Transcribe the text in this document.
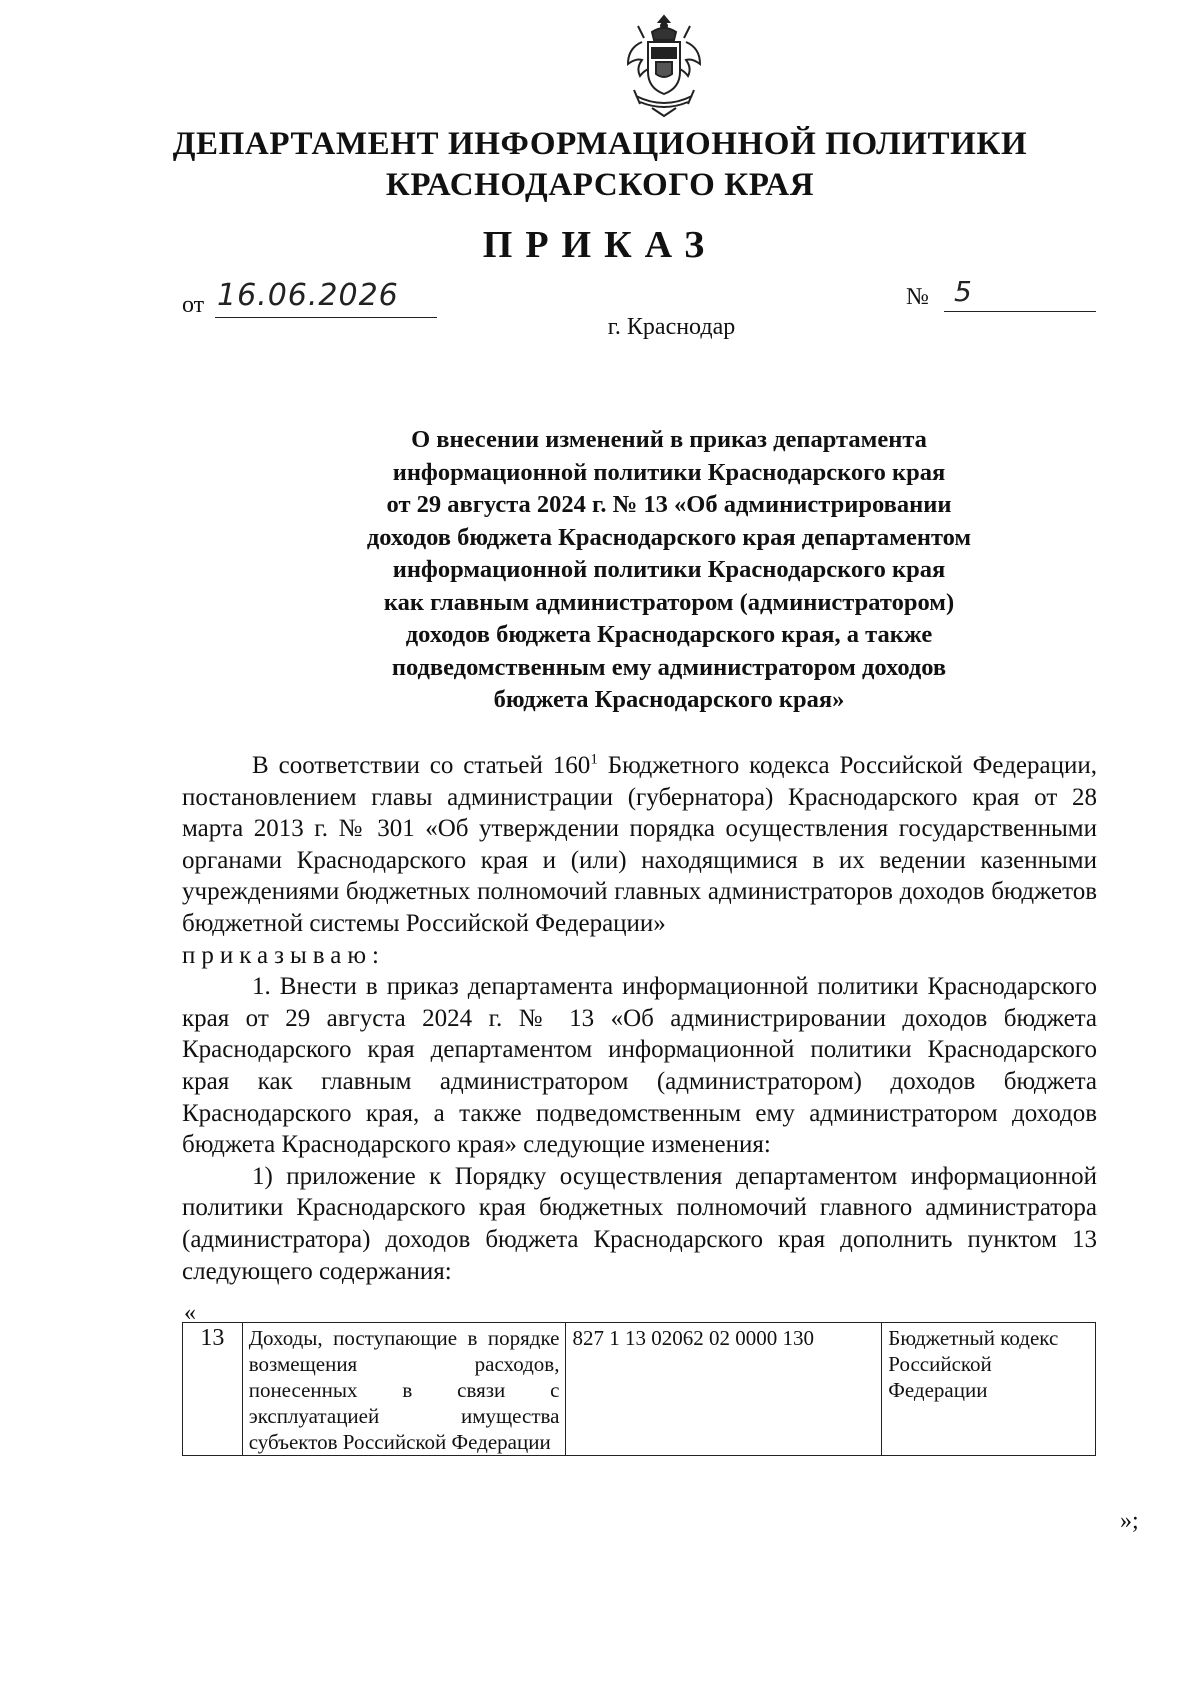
ДЕПАРТАМЕНТ ИНФОРМАЦИОННОЙ ПОЛИТИКИ
КРАСНОДАРСКОГО КРАЯ
ПРИКАЗ
от 16.06.2026	№ 5
г. Краснодар
О внесении изменений в приказ департамента
информационной политики Краснодарского края
от 29 августа 2024 г. № 13 «Об администрировании
доходов бюджета Краснодарского края департаментом
информационной политики Краснодарского края
как главным администратором (администратором)
доходов бюджета Краснодарского края, а также
подведомственным ему администратором доходов
бюджета Краснодарского края»

В соответствии со статьей $160^1$ Бюджетного кодекса Российской Федерации, постановлением главы администрации (губернатора) Краснодарского края от 28 марта 2013 г. № 301 «Об утверждении порядка осуществления государственными органами Краснодарского края и (или) находящимися в их ведении казенными учреждениями бюджетных полномочий главных администраторов доходов бюджетов бюджетной системы Российской Федерации»

приказываю:

1. Внести в приказ департамента информационной политики Краснодарского края от 29 августа 2024 г. № 13 «Об администрировании доходов бюджета Краснодарского края департаментом информационной политики Краснодарского края как главным администратором (администратором) доходов бюджета Краснодарского края, а также подведомственным ему администратором доходов бюджета Краснодарского края» следующие изменения:

1) приложение к Порядку осуществления департаментом информационной политики Краснодарского края бюджетных полномочий главного администратора (администратора) доходов бюджета Краснодарского края дополнить пунктом 13 следующего содержания:

«
13	Доходы, поступающие в порядке возмещения расходов, понесенных в связи с эксплуатацией имущества субъектов Российской Федерации	827 1 13 02062 02 0000 130	Бюджетный кодекс Российской Федерации
»;
